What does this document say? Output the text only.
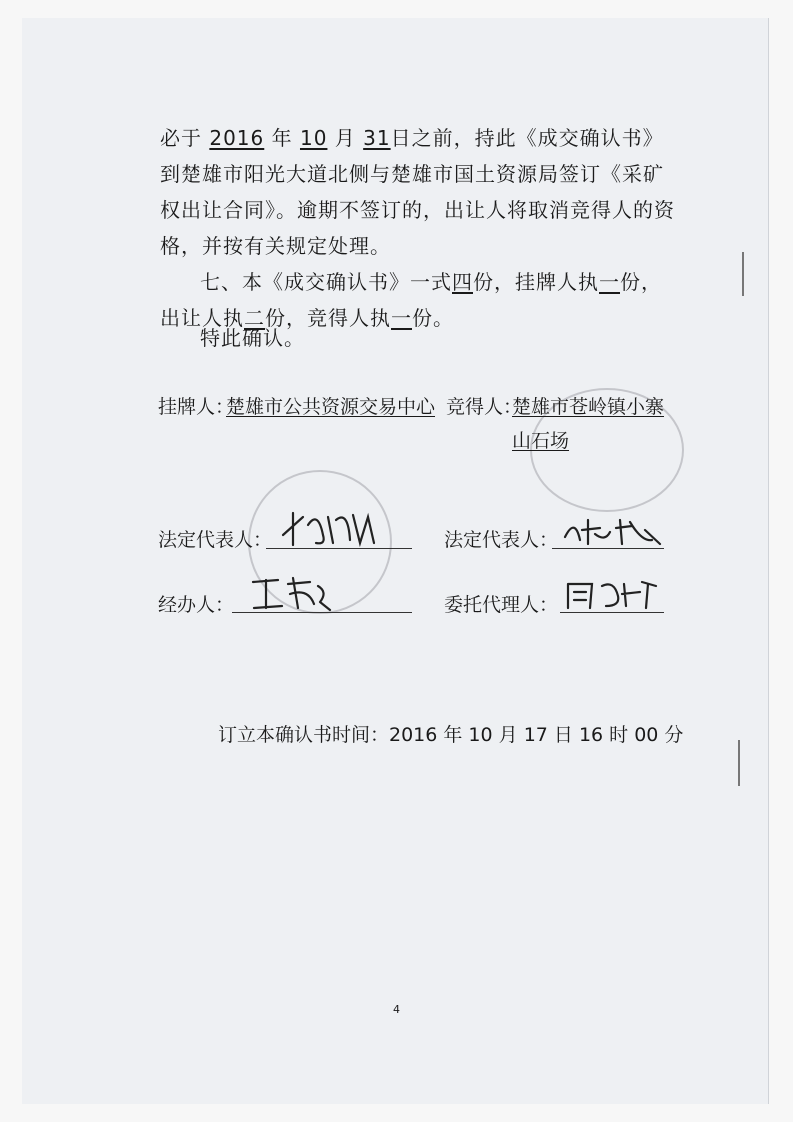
必于 2016 年 10 月 31日之前，持此《成交确认书》到楚雄市阳光大道北侧与楚雄市国土资源局签订《采矿权出让合同》。逾期不签订的，出让人将取消竞得人的资格，并按有关规定处理。
七、本《成交确认书》一式四份，挂牌人执一份，出让人执二份，竞得人执一份。
特此确认。
挂牌人：
楚雄市公共资源交易中心 竞得人：
楚雄市苍岭镇小寨
山石场
法定代表人：	法定代表人：
经办人：	委托代理人：
订立本确认书时间：2016 年 10 月 17 日 16 时 00 分
4
